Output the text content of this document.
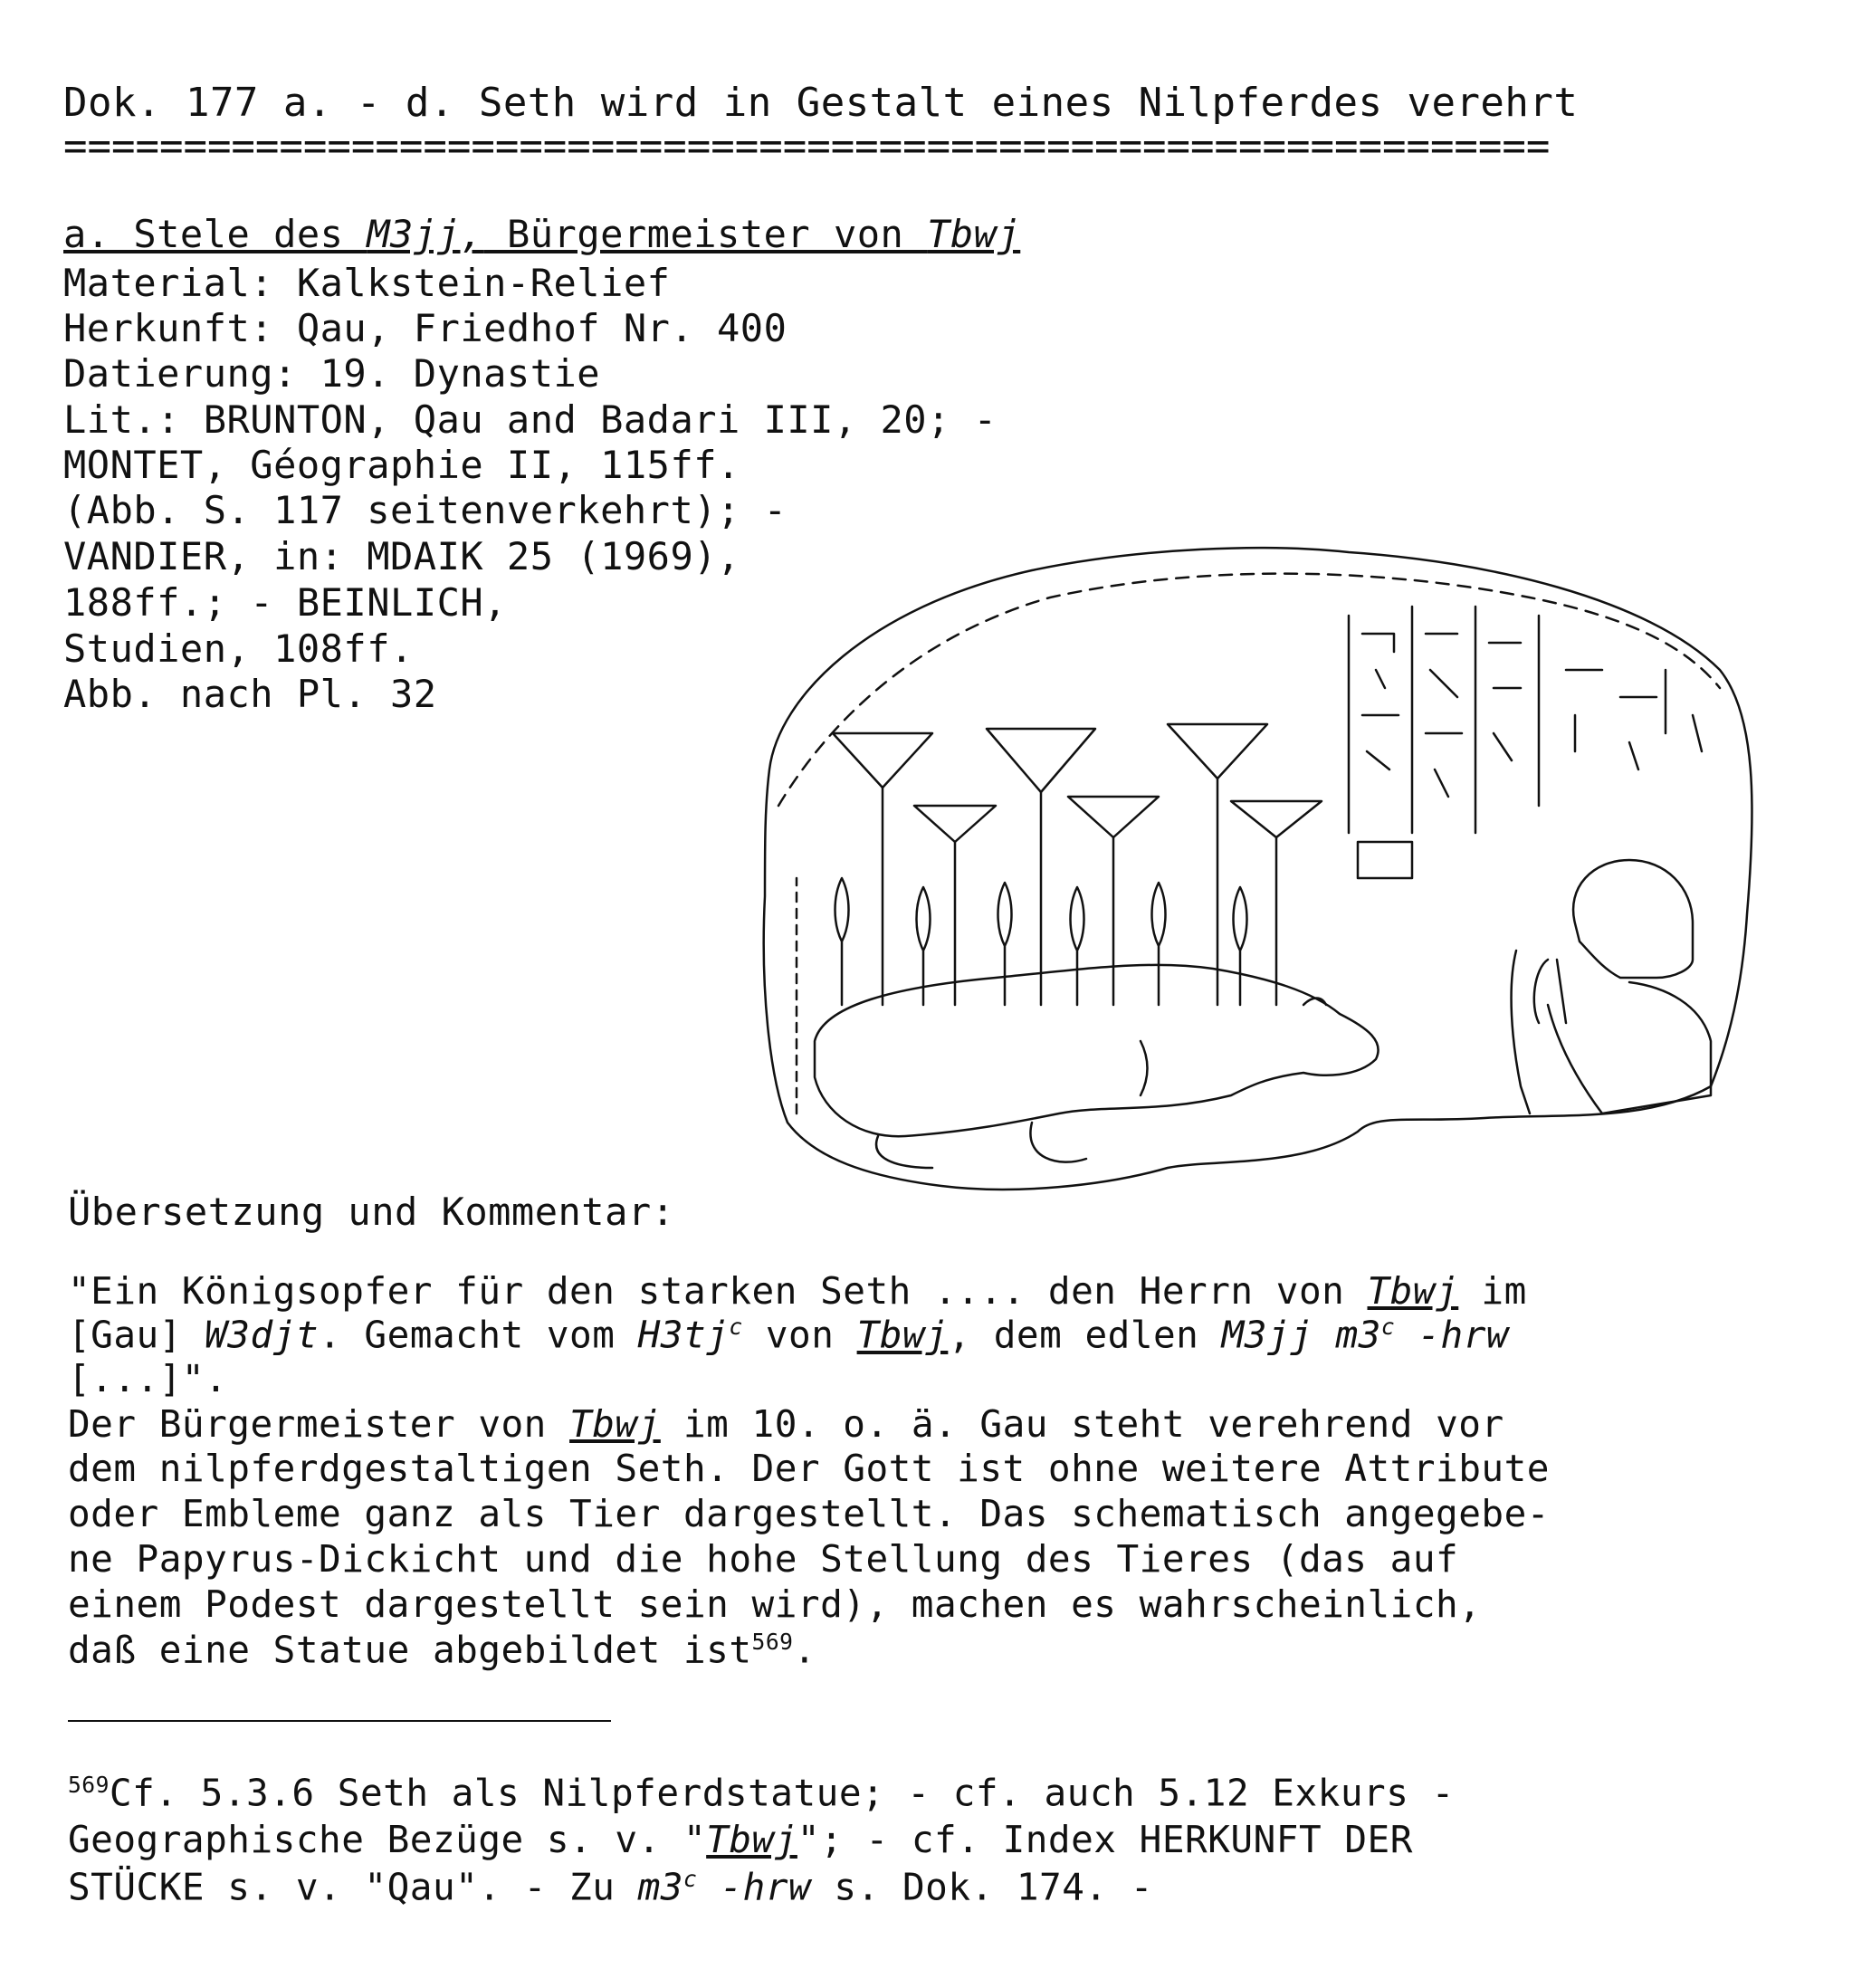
Dok. 177 a. - d. Seth wird in Gestalt eines Nilpferdes verehrt
==============================================================
a. Stele des M3jj, Bürgermeister von Tbwj
Material: Kalkstein-Relief
Herkunft: Qau, Friedhof Nr. 400
Datierung: 19. Dynastie
Lit.: BRUNTON, Qau and Badari III, 20; -
MONTET, Géographie II, 115ff.
(Abb. S. 117 seitenverkehrt); -
VANDIER, in: MDAIK 25 (1969),
188ff.; - BEINLICH,
Studien, 108ff.
Abb. nach Pl. 32
Übersetzung und Kommentar:
"Ein Königsopfer für den starken Seth .... den Herrn von Tbwj im
[Gau] W3djt. Gemacht vom $H3tj^c$ von Tbwj, dem edlen M3jj m3$^c$ -hrw
[...]".
Der Bürgermeister von Tbwj im 10. o. ä. Gau steht verehrend vor
dem nilpferdgestaltigen Seth. Der Gott ist ohne weitere Attribute
oder Embleme ganz als Tier dargestellt. Das schematisch angegebe-
ne Papyrus-Dickicht und die hohe Stellung des Tieres (das auf
einem Podest dargestellt sein wird), machen es wahrscheinlich,
daß eine Statue abgebildet ist$^{569}$.
$^{569}$Cf. 5.3.6 Seth als Nilpferdstatue; - cf. auch 5.12 Exkurs -
Geographische Bezüge s. v. "Tbwj"; - cf. Index HERKUNFT DER
STÜCKE s. v. "Qau". - Zu m3$^c$ -hrw s. Dok. 174. -
